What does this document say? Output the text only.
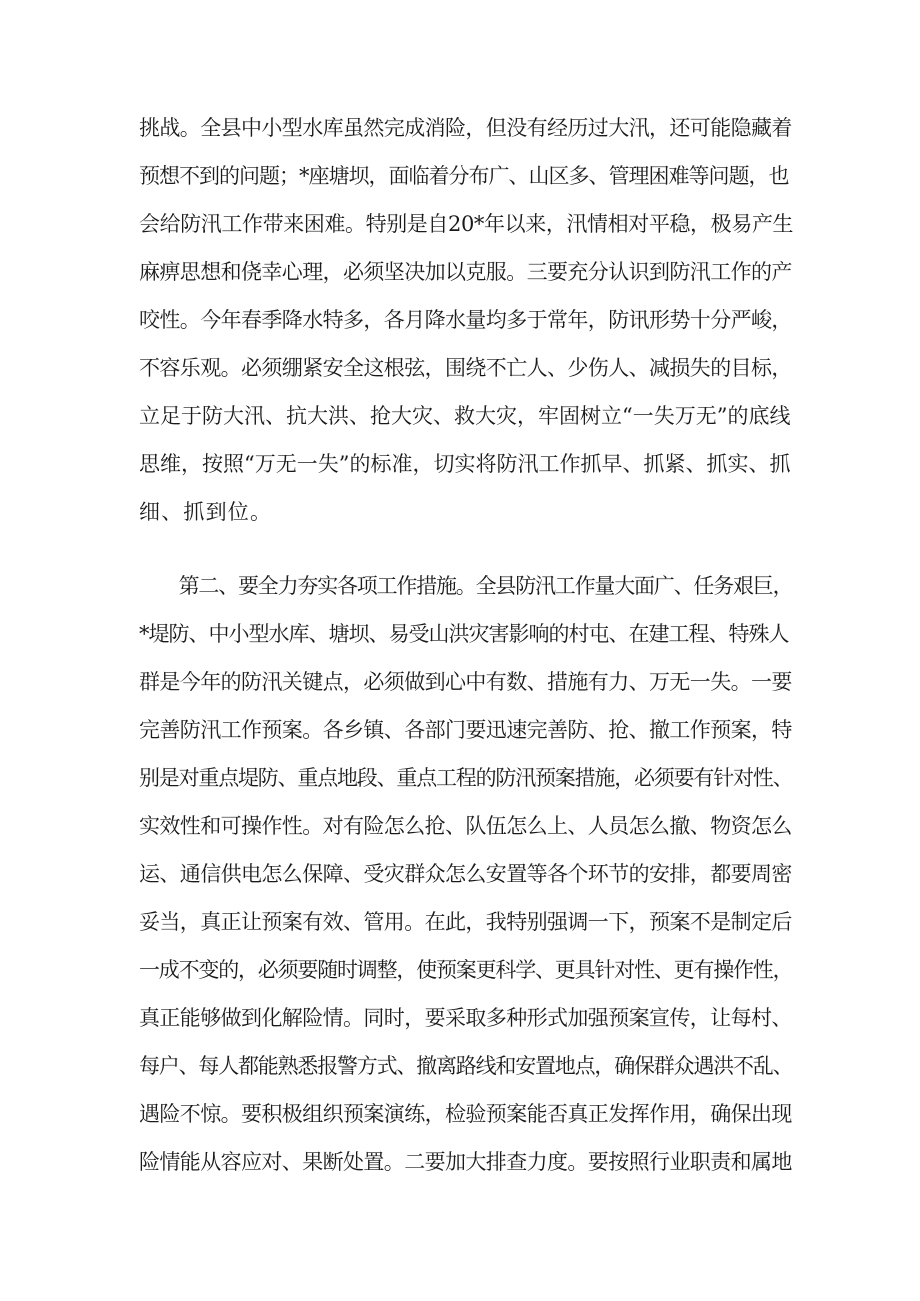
挑战。全县中小型水库虽然完成消险，但没有经历过大汛，还可能隐藏着
预想不到的问题；*座塘坝，面临着分布广、山区多、管理困难等问题，也
会给防汛工作带来困难。特别是自20*年以来，汛情相对平稳，极易产生
麻痹思想和侥幸心理，必须坚决加以克服。三要充分认识到防汛工作的产
咬性。今年春季降水特多，各月降水量均多于常年，防讯形势十分严峻，
不容乐观。必须绷紧安全这根弦，围绕不亡人、少伤人、减损失的目标，
立足于防大汛、抗大洪、抢大灾、救大灾，牢固树立“一失万无”的底线
思维，按照“万无一失”的标准，切实将防汛工作抓早、抓紧、抓实、抓
细、抓到位。
　　第二、要全力夯实各项工作措施。全县防汛工作量大面广、任务艰巨，
*堤防、中小型水库、塘坝、易受山洪灾害影响的村屯、在建工程、特殊人
群是今年的防汛关键点，必须做到心中有数、措施有力、万无一失。一要
完善防汛工作预案。各乡镇、各部门要迅速完善防、抢、撤工作预案，特
别是对重点堤防、重点地段、重点工程的防汛预案措施，必须要有针对性、
实效性和可操作性。对有险怎么抢、队伍怎么上、人员怎么撤、物资怎么
运、通信供电怎么保障、受灾群众怎么安置等各个环节的安排，都要周密
妥当，真正让预案有效、管用。在此，我特别强调一下，预案不是制定后
一成不变的，必须要随时调整，使预案更科学、更具针对性、更有操作性，
真正能够做到化解险情。同时，要采取多种形式加强预案宣传，让每村、
每户、每人都能熟悉报警方式、撤离路线和安置地点，确保群众遇洪不乱、
遇险不惊。要积极组织预案演练，检验预案能否真正发挥作用，确保出现
险情能从容应对、果断处置。二要加大排查力度。要按照行业职责和属地
